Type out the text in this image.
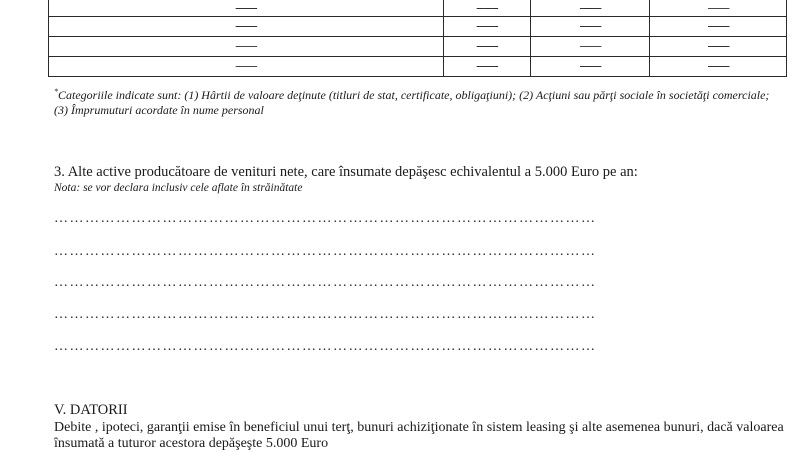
--------	--------	--------	--------
--------	--------	--------	--------
--------	--------	--------	--------
--------	--------	--------	--------
*Categoriile indicate sunt: (1) Hârtii de valoare deţinute (titluri de stat, certificate, obligaţiuni); (2) Acţiuni sau părţi sociale în societăţi comerciale; (3) Împrumuturi acordate în nume personal
3. Alte active producătoare de venituri nete, care însumate depăşesc echivalentul a 5.000 Euro pe an:
Nota: se vor declara inclusiv cele aflate în străinătate
……………………………………………………………………………………………
……………………………………………………………………………………………
……………………………………………………………………………………………
……………………………………………………………………………………………
……………………………………………………………………………………………
V. DATORII
Debite , ipoteci, garanţii emise în beneficiul unui terţ, bunuri achiziţionate în sistem leasing şi alte asemenea bunuri, dacă valoarea însumată a tuturor acestora depăşeşte 5.000 Euro
